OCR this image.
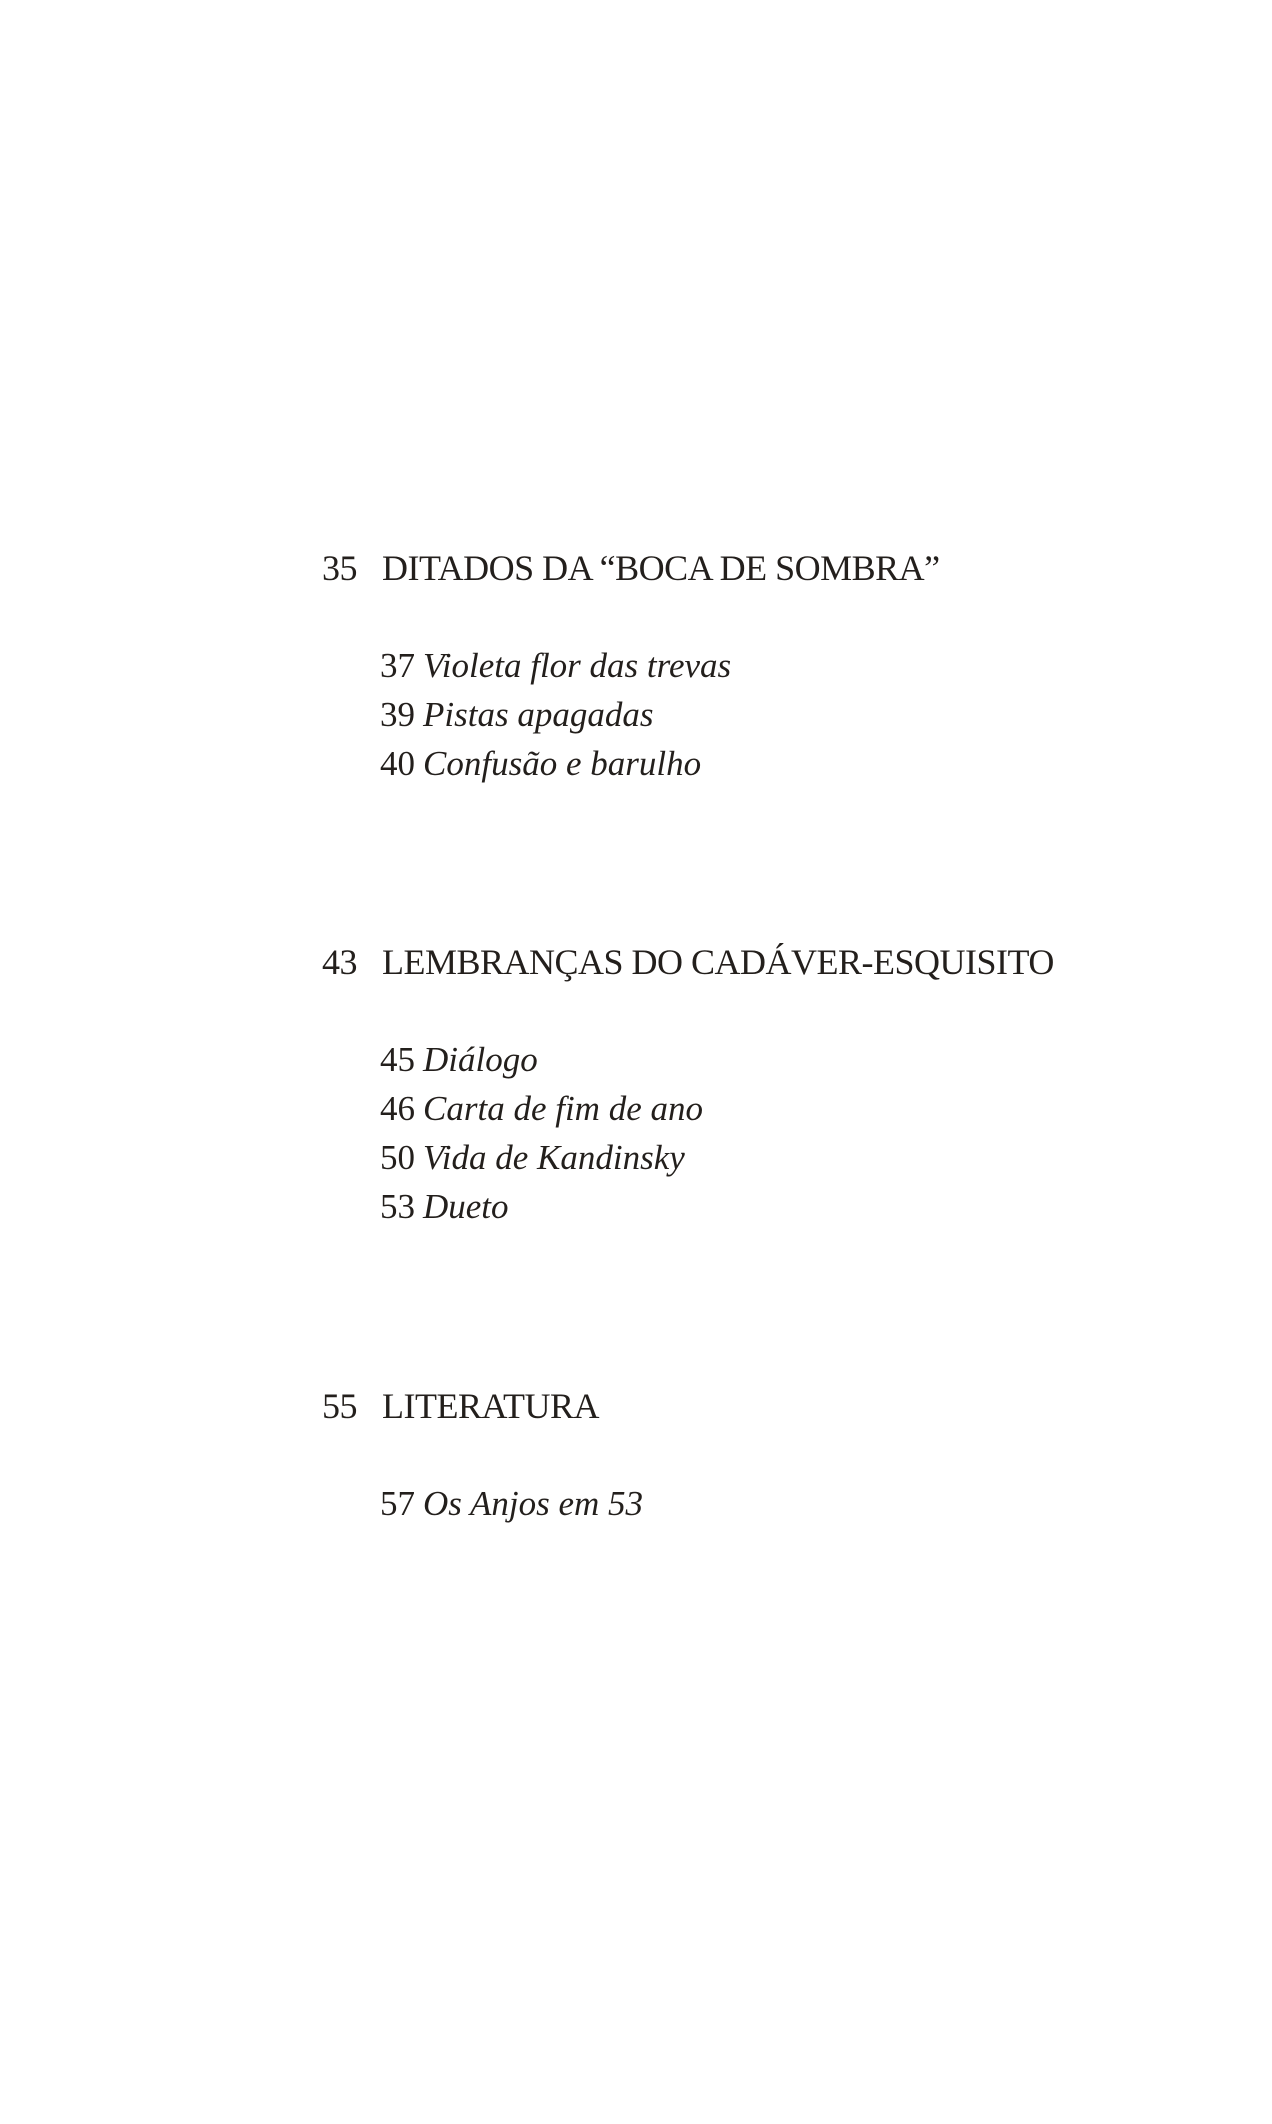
35 DITADOS DA “BOCA DE SOMBRA”
37 Violeta flor das trevas
39 Pistas apagadas
40 Confusão e barulho
43 LEMBRANÇAS DO CADÁVER-ESQUISITO
45 Diálogo
46 Carta de fim de ano
50 Vida de Kandinsky
53 Dueto
55 LITERATURA
57 Os Anjos em 53
